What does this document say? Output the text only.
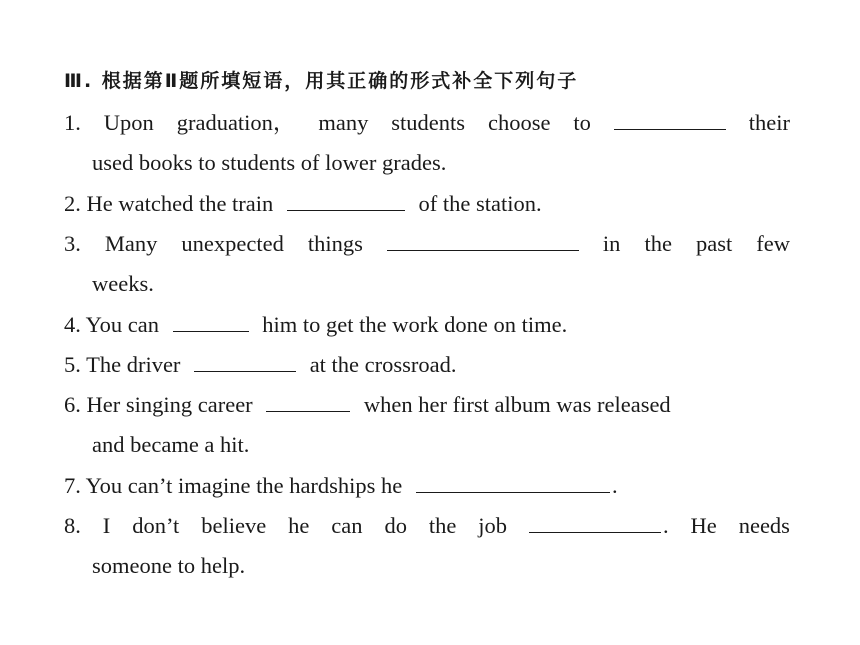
Ⅲ. 根据第Ⅱ题所填短语，用其正确的形式补全下列句子
1. Upon graduation， many students choose to	their
used books to students of lower grades.
2. He watched the train	of the station.
3. Many unexpected things	in the past few
weeks.
4. You can	him to get the work done on time.
5. The driver	at the crossroad.
6. Her singing career	when her first album was released
and became a hit.
7. You can’t imagine the hardships he	.
8. I don’t believe he can do the job	. He needs
someone to help.
